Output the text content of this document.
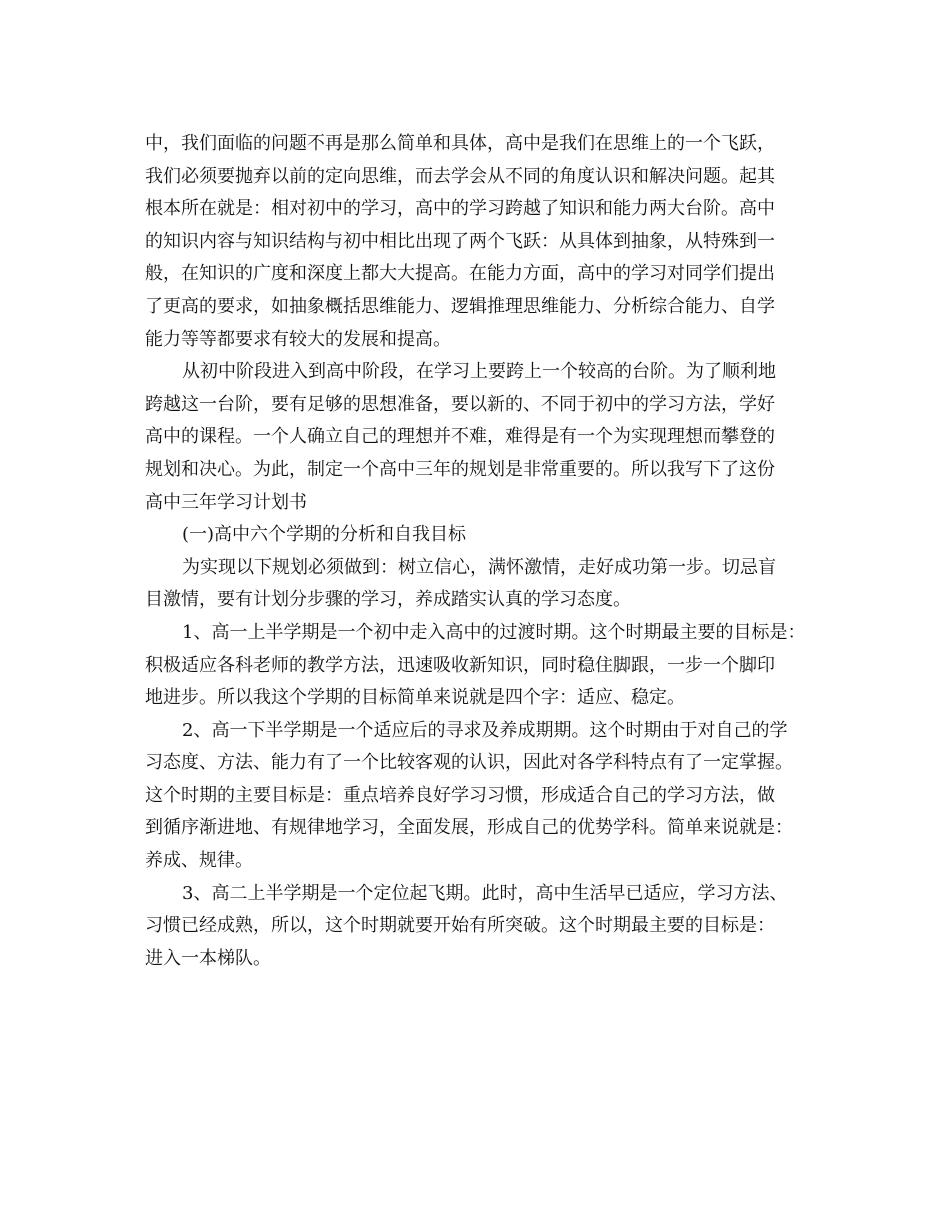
中，我们面临的问题不再是那么简单和具体，高中是我们在思维上的一个飞跃，
我们必须要抛弃以前的定向思维，而去学会从不同的角度认识和解决问题。起其
根本所在就是：相对初中的学习，高中的学习跨越了知识和能力两大台阶。高中
的知识内容与知识结构与初中相比出现了两个飞跃：从具体到抽象，从特殊到一
般，在知识的广度和深度上都大大提高。在能力方面，高中的学习对同学们提出
了更高的要求，如抽象概括思维能力、逻辑推理思维能力、分析综合能力、自学
能力等等都要求有较大的发展和提高。
从初中阶段进入到高中阶段，在学习上要跨上一个较高的台阶。为了顺利地
跨越这一台阶，要有足够的思想准备，要以新的、不同于初中的学习方法，学好
高中的课程。一个人确立自己的理想并不难，难得是有一个为实现理想而攀登的
规划和决心。为此，制定一个高中三年的规划是非常重要的。所以我写下了这份
高中三年学习计划书
(一)高中六个学期的分析和自我目标
为实现以下规划必须做到：树立信心，满怀激情，走好成功第一步。切忌盲
目激情，要有计划分步骤的学习，养成踏实认真的学习态度。
1、高一上半学期是一个初中走入高中的过渡时期。这个时期最主要的目标是：
积极适应各科老师的教学方法，迅速吸收新知识，同时稳住脚跟，一步一个脚印
地进步。所以我这个学期的目标简单来说就是四个字：适应、稳定。
2、高一下半学期是一个适应后的寻求及养成期期。这个时期由于对自己的学
习态度、方法、能力有了一个比较客观的认识，因此对各学科特点有了一定掌握。
这个时期的主要目标是：重点培养良好学习习惯，形成适合自己的学习方法，做
到循序渐进地、有规律地学习，全面发展，形成自己的优势学科。简单来说就是：
养成、规律。
3、高二上半学期是一个定位起飞期。此时，高中生活早已适应，学习方法、
习惯已经成熟，所以，这个时期就要开始有所突破。这个时期最主要的目标是：
进入一本梯队。
